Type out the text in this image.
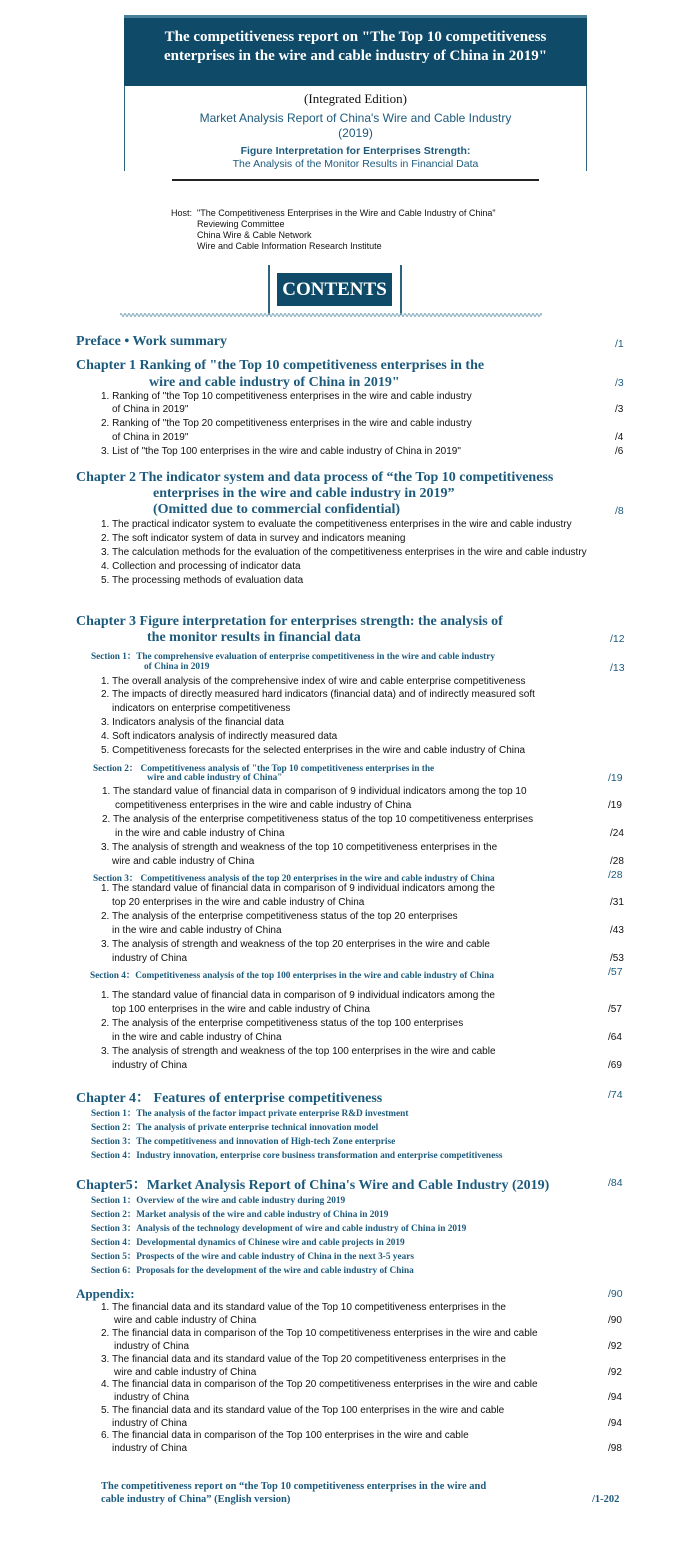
The competitiveness report on "The Top 10 competitiveness
enterprises in the wire and cable industry of China in 2019"
(Integrated Edition)
Market Analysis Report of China's Wire and Cable Industry
(2019)
Figure Interpretation for Enterprises Strength:
The Analysis of the Monitor Results in Financial Data
Host: "The Competitiveness Enterprises in the Wire and Cable Industry of China"
Reviewing Committee
China Wire & Cable Network
Wire and Cable Information Research Institute
CONTENTS
Preface • Work summary	/1
Chapter 1 Ranking of "the Top 10 competitiveness enterprises in the
wire and cable industry of China in 2019"	/3
1. Ranking of "the Top 10 competitiveness enterprises in the wire and cable industry
of China in 2019"	/3
2. Ranking of "the Top 20 competitiveness enterprises in the wire and cable industry
of China in 2019"	/4
3. List of "the Top 100 enterprises in the wire and cable industry of China in 2019"	/6
Chapter 2 The indicator system and data process of “the Top 10 competitiveness
enterprises in the wire and cable industry in 2019”
(Omitted due to commercial confidential)	/8
1. The practical indicator system to evaluate the competitiveness enterprises in the wire and cable industry
2. The soft indicator system of data in survey and indicators meaning
3. The calculation methods for the evaluation of the competitiveness enterprises in the wire and cable industry
4. Collection and processing of indicator data
5. The processing methods of evaluation data
Chapter 3 Figure interpretation for enterprises strength: the analysis of
the monitor results in financial data	/12
Section 1：The comprehensive evaluation of enterprise competitiveness in the wire and cable industry
of China in 2019	/13
1. The overall analysis of the comprehensive index of wire and cable enterprise competitiveness
2. The impacts of directly measured hard indicators (financial data) and of indirectly measured soft
indicators on enterprise competitiveness
3. Indicators analysis of the financial data
4. Soft indicators analysis of indirectly measured data
5. Competitiveness forecasts for the selected enterprises in the wire and cable industry of China
Section 2： Competitiveness analysis of "the Top 10 competitiveness enterprises in the
wire and cable industry of China"	/19
1. The standard value of financial data in comparison of 9 individual indicators among the top 10
competitiveness enterprises in the wire and cable industry of China	/19
2. The analysis of the enterprise competitiveness status of the top 10 competitiveness enterprises
in the wire and cable industry of China	/24
3. The analysis of strength and weakness of the top 10 competitiveness enterprises in the
wire and cable industry of China	/28
Section 3： Competitiveness analysis of the top 20 enterprises in the wire and cable industry of China	/28
1. The standard value of financial data in comparison of 9 individual indicators among the
top 20 enterprises in the wire and cable industry of China	/31
2. The analysis of the enterprise competitiveness status of the top 20 enterprises
in the wire and cable industry of China	/43
3. The analysis of strength and weakness of the top 20 enterprises in the wire and cable
industry of China	/53
Section 4：Competitiveness analysis of the top 100 enterprises in the wire and cable industry of China	/57
1. The standard value of financial data in comparison of 9 individual indicators among the
top 100 enterprises in the wire and cable industry of China	/57
2. The analysis of the enterprise competitiveness status of the top 100 enterprises
in the wire and cable industry of China	/64
3. The analysis of strength and weakness of the top 100 enterprises in the wire and cable
industry of China	/69
Chapter 4： Features of enterprise competitiveness	/74
Section 1：The analysis of the factor impact private enterprise R&D investment
Section 2：The analysis of private enterprise technical innovation model
Section 3：The competitiveness and innovation of High-tech Zone enterprise
Section 4：Industry innovation, enterprise core business transformation and enterprise competitiveness
Chapter5：Market Analysis Report of China's Wire and Cable Industry (2019)	/84
Section 1：Overview of the wire and cable industry during 2019
Section 2：Market analysis of the wire and cable industry of China in 2019
Section 3：Analysis of the technology development of wire and cable industry of China in 2019
Section 4：Developmental dynamics of Chinese wire and cable projects in 2019
Section 5：Prospects of the wire and cable industry of China in the next 3-5 years
Section 6：Proposals for the development of the wire and cable industry of China
Appendix:	/90
1. The financial data and its standard value of the Top 10 competitiveness enterprises in the
wire and cable industry of China	/90
2. The financial data in comparison of the Top 10 competitiveness enterprises in the wire and cable
industry of China	/92
3. The financial data and its standard value of the Top 20 competitiveness enterprises in the
wire and cable industry of China	/92
4. The financial data in comparison of the Top 20 competitiveness enterprises in the wire and cable
industry of China	/94
5. The financial data and its standard value of the Top 100 enterprises in the wire and cable
industry of China	/94
6. The financial data in comparison of the Top 100 enterprises in the wire and cable
industry of China	/98
The competitiveness report on “the Top 10 competitiveness enterprises in the wire and
cable industry of China” (English version)	/1-202
